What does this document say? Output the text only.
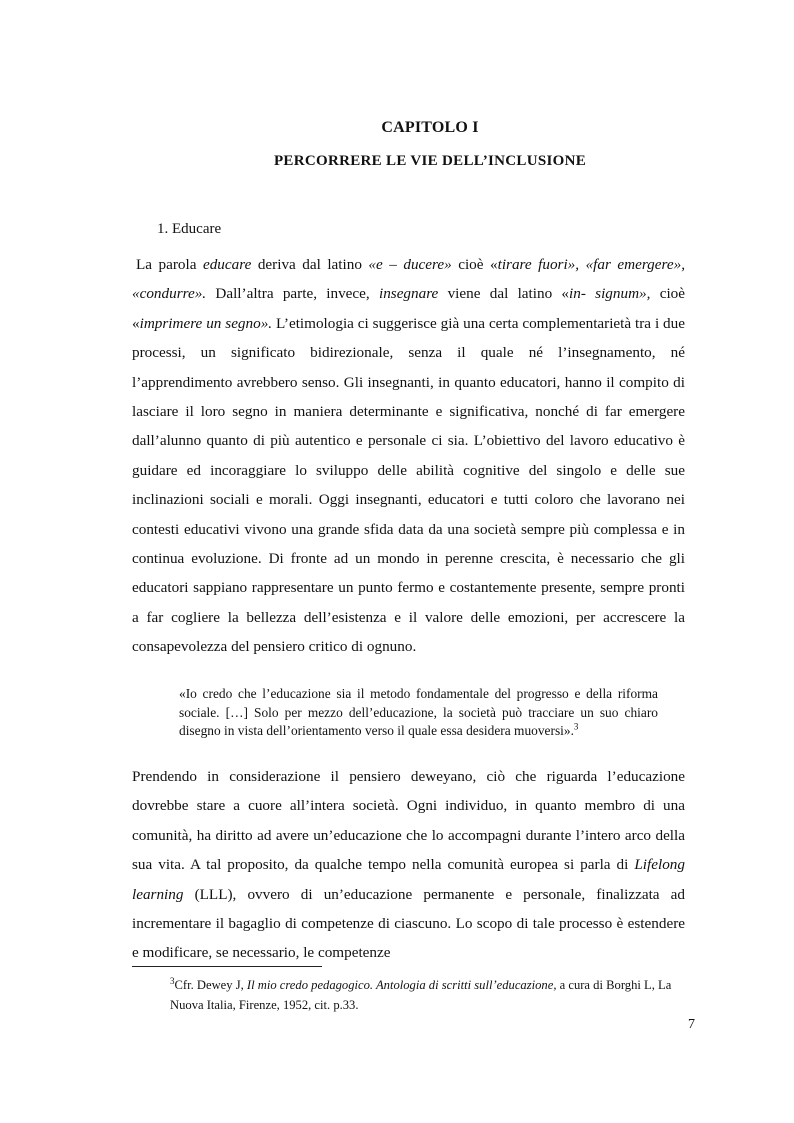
CAPITOLO I
PERCORRERE LE VIE DELL’INCLUSIONE
1. Educare

La parola educare deriva dal latino «e – ducere» cioè «tirare fuori», «far emergere», «condurre». Dall’altra parte, invece, insegnare viene dal latino «in- signum», cioè «imprimere un segno». L’etimologia ci suggerisce già una certa complementarietà tra i due processi, un significato bidirezionale, senza il quale né l’insegnamento, né l’apprendimento avrebbero senso. Gli insegnanti, in quanto educatori, hanno il compito di lasciare il loro segno in maniera determinante e significativa, nonché di far emergere dall’alunno quanto di più autentico e personale ci sia. L’obiettivo del lavoro educativo è guidare ed incoraggiare lo sviluppo delle abilità cognitive del singolo e delle sue inclinazioni sociali e morali. Oggi insegnanti, educatori e tutti coloro che lavorano nei contesti educativi vivono una grande sfida data da una società sempre più complessa e in continua evoluzione. Di fronte ad un mondo in perenne crescita, è necessario che gli educatori sappiano rappresentare un punto fermo e costantemente presente, sempre pronti a far cogliere la bellezza dell’esistenza e il valore delle emozioni, per accrescere la consapevolezza del pensiero critico di ognuno.

«Io credo che l’educazione sia il metodo fondamentale del progresso e della riforma sociale. […] Solo per mezzo dell’educazione, la società può tracciare un suo chiaro disegno in vista dell’orientamento verso il quale essa desidera muoversi».$^3$

Prendendo in considerazione il pensiero deweyano, ciò che riguarda l’educazione dovrebbe stare a cuore all’intera società. Ogni individuo, in quanto membro di una comunità, ha diritto ad avere un’educazione che lo accompagni durante l’intero arco della sua vita. A tal proposito, da qualche tempo nella comunità europea si parla di Lifelong learning (LLL), ovvero di un’educazione permanente e personale, finalizzata ad incrementare il bagaglio di competenze di ciascuno. Lo scopo di tale processo è estendere e modificare, se necessario, le competenze

$^3$Cfr. Dewey J, Il mio credo pedagogico. Antologia di scritti sull’educazione, a cura di Borghi L, La Nuova Italia, Firenze, 1952, cit. p.33.

7
